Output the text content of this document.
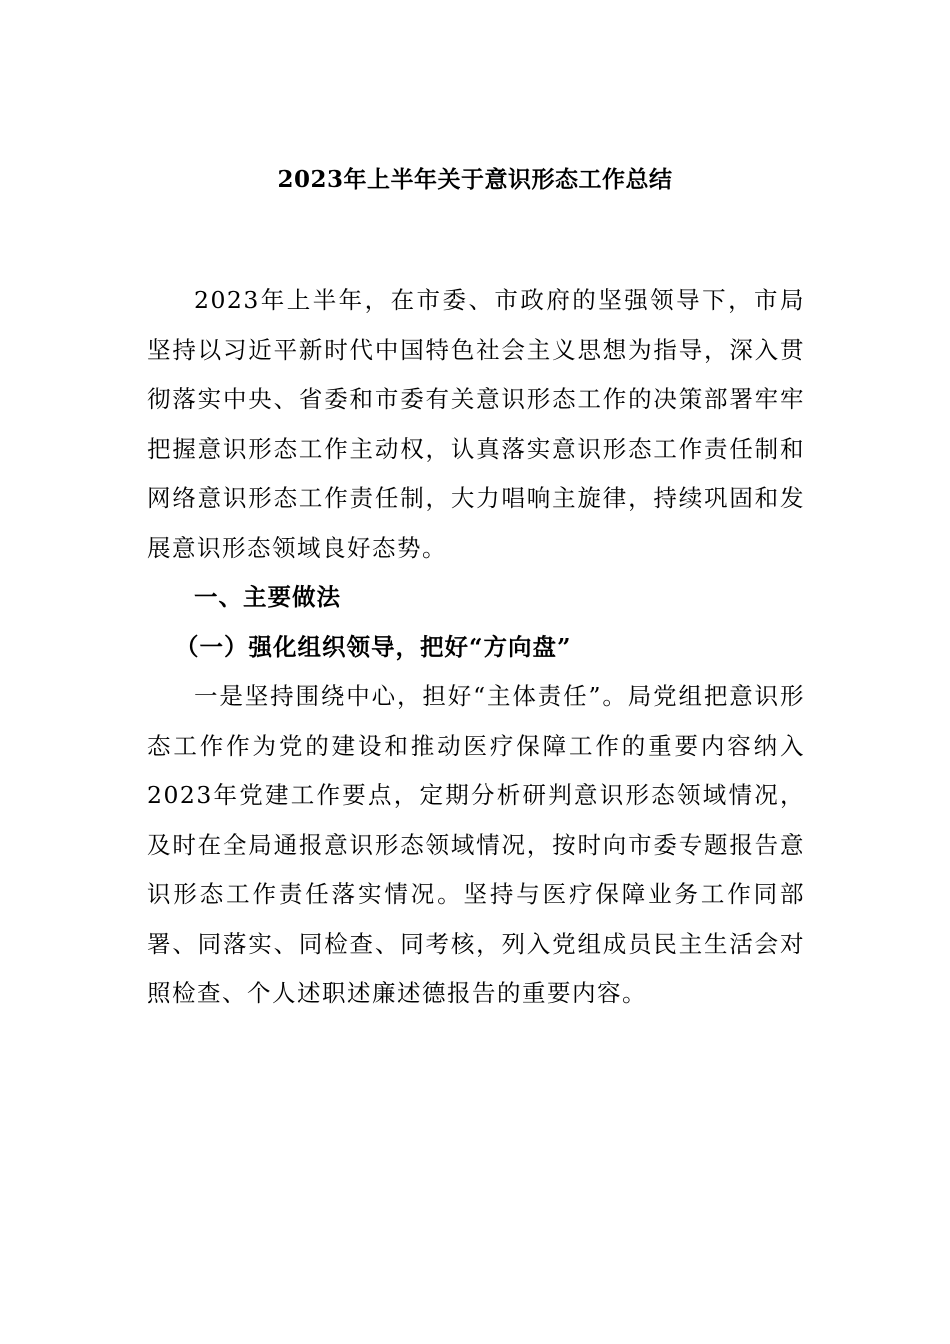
2023年上半年关于意识形态工作总结

2023年上半年，在市委、市政府的坚强领导下，市局坚持以习近平新时代中国特色社会主义思想为指导，深入贯彻落实中央、省委和市委有关意识形态工作的决策部署牢牢把握意识形态工作主动权，认真落实意识形态工作责任制和网络意识形态工作责任制，大力唱响主旋律，持续巩固和发展意识形态领域良好态势。

一、主要做法

（一）强化组织领导，把好“方向盘”

一是坚持围绕中心，担好“主体责任”。局党组把意识形态工作作为党的建设和推动医疗保障工作的重要内容纳入2023年党建工作要点，定期分析研判意识形态领域情况，及时在全局通报意识形态领域情况，按时向市委专题报告意识形态工作责任落实情况。坚持与医疗保障业务工作同部署、同落实、同检查、同考核，列入党组成员民主生活会对照检查、个人述职述廉述德报告的重要内容。
